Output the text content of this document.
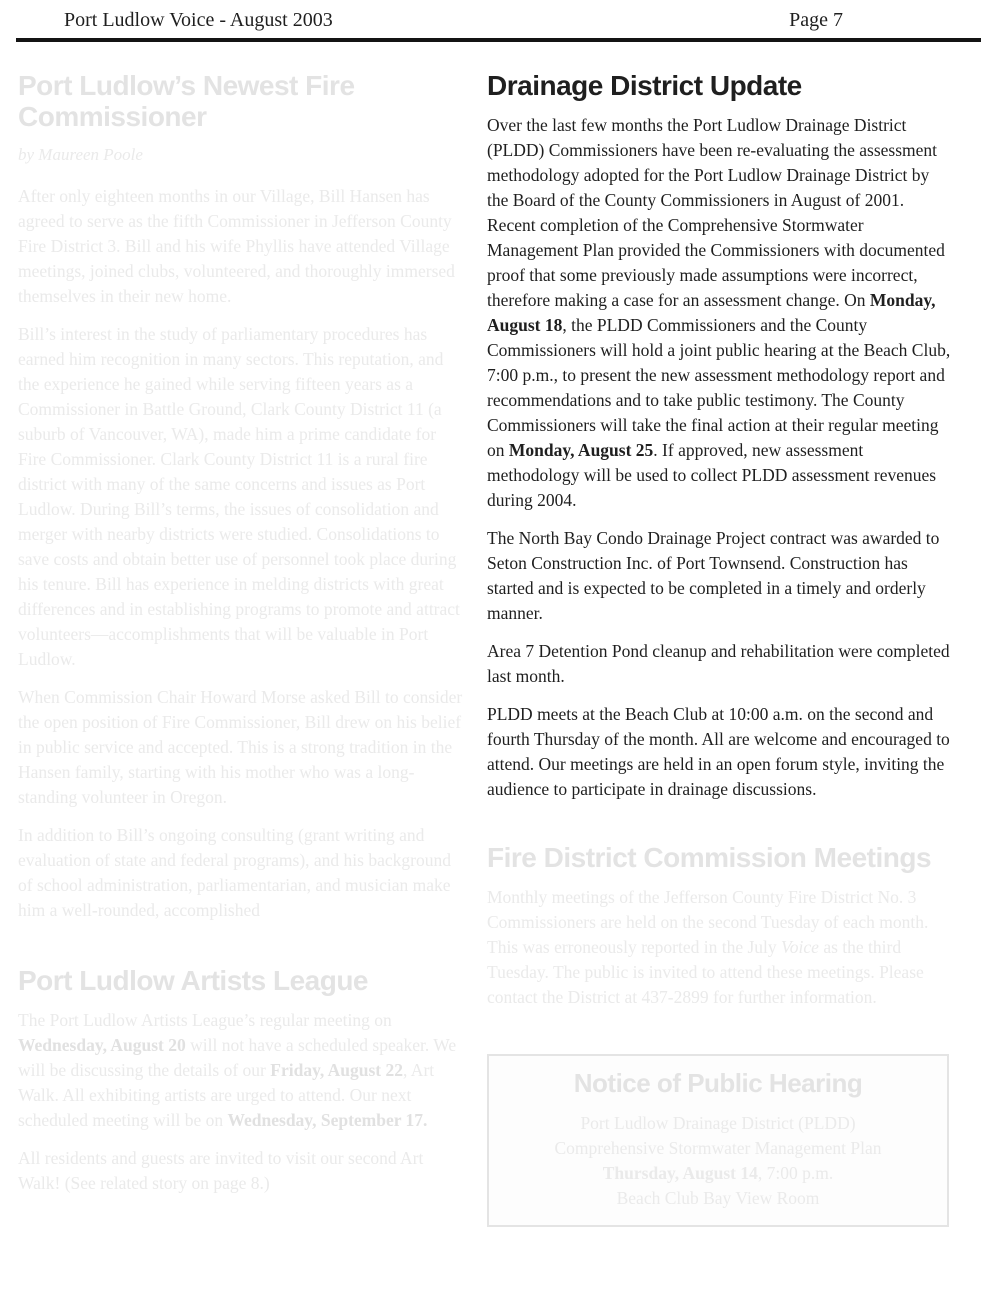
Port Ludlow Voice - August 2003	Page 7
Port Ludlow’s Newest Fire Commissioner

by Maureen Poole

After only eighteen months in our Village, Bill Hansen has agreed to serve as the fifth Commissioner in Jefferson County Fire District 3. Bill and his wife Phyllis have attended Village meetings, joined clubs, volunteered, and thoroughly immersed themselves in their new home.

Bill’s interest in the study of parliamentary procedures has earned him recognition in many sectors. This reputation, and the experience he gained while serving fifteen years as a Commissioner in Battle Ground, Clark County District 11 (a suburb of Vancouver, WA), made him a prime candidate for Fire Commissioner. Clark County District 11 is a rural fire district with many of the same concerns and issues as Port Ludlow. During Bill’s terms, the issues of consolidation and merger with nearby districts were studied. Consolidations to save costs and obtain better use of personnel took place during his tenure. Bill has experience in melding districts with great differences and in establishing programs to promote and attract volunteers—accomplishments that will be valuable in Port Ludlow.

When Commission Chair Howard Morse asked Bill to consider the open position of Fire Commissioner, Bill drew on his belief in public service and accepted. This is a strong tradition in the Hansen family, starting with his mother who was a long-standing volunteer in Oregon.

In addition to Bill’s ongoing consulting (grant writing and evaluation of state and federal programs), and his background of school administration, parliamentarian, and musician make him a well-rounded, accomplished

Port Ludlow Artists League

The Port Ludlow Artists League’s regular meeting on Wednesday, August 20 will not have a scheduled speaker. We will be discussing the details of our Friday, August 22, Art Walk. All exhibiting artists are urged to attend. Our next scheduled meeting will be on Wednesday, September 17.

All residents and guests are invited to visit our second Art Walk! (See related story on page 8.)

Drainage District Update

Over the last few months the Port Ludlow Drainage District (PLDD) Commissioners have been re-evaluating the assessment methodology adopted for the Port Ludlow Drainage District by the Board of the County Commissioners in August of 2001. Recent completion of the Comprehensive Stormwater Management Plan provided the Commissioners with documented proof that some previously made assumptions were incorrect, therefore making a case for an assessment change. On Monday, August 18, the PLDD Commissioners and the County Commissioners will hold a joint public hearing at the Beach Club, 7:00 p.m., to present the new assessment methodology report and recommendations and to take public testimony. The County Commissioners will take the final action at their regular meeting on Monday, August 25. If approved, new assessment methodology will be used to collect PLDD assessment revenues during 2004.

The North Bay Condo Drainage Project contract was awarded to Seton Construction Inc. of Port Townsend. Construction has started and is expected to be completed in a timely and orderly manner.

Area 7 Detention Pond cleanup and rehabilitation were completed last month.

PLDD meets at the Beach Club at 10:00 a.m. on the second and fourth Thursday of the month. All are welcome and encouraged to attend. Our meetings are held in an open forum style, inviting the audience to participate in drainage discussions.

Fire District Commission Meetings

Monthly meetings of the Jefferson County Fire District No. 3 Commissioners are held on the second Tuesday of each month. This was erroneously reported in the July Voice as the third Tuesday. The public is invited to attend these meetings. Please contact the District at 437-2899 for further information.

Notice of Public Hearing

Port Ludlow Drainage District (PLDD)

Comprehensive Stormwater Management Plan

Thursday, August 14, 7:00 p.m.

Beach Club Bay View Room
